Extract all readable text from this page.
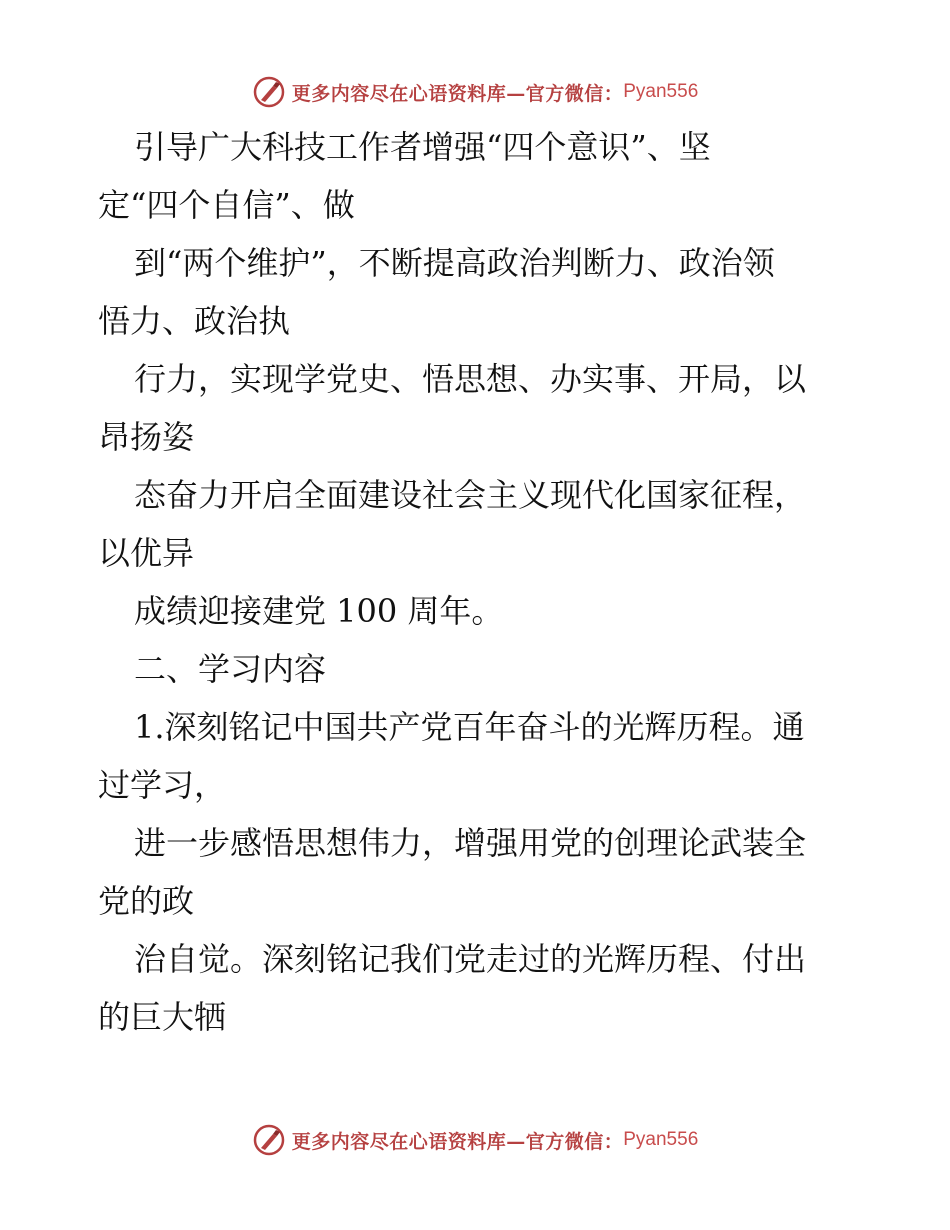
更多内容尽在心语资料库—官方微信： Pyan556
引导广大科技工作者增强“四个意识”、坚
定“四个自信”、做
到“两个维护”，不断提高政治判断力、政治领
悟力、政治执
行力，实现学党史、悟思想、办实事、开局，以
昂扬姿
态奋力开启全面建设社会主义现代化国家征程，
以优异
成绩迎接建党 100 周年。
二、学习内容
1.深刻铭记中国共产党百年奋斗的光辉历程。通
过学习，
进一步感悟思想伟力，增强用党的创理论武装全
党的政
治自觉。深刻铭记我们党走过的光辉历程、付出
的巨大牺
更多内容尽在心语资料库—官方微信： Pyan556
